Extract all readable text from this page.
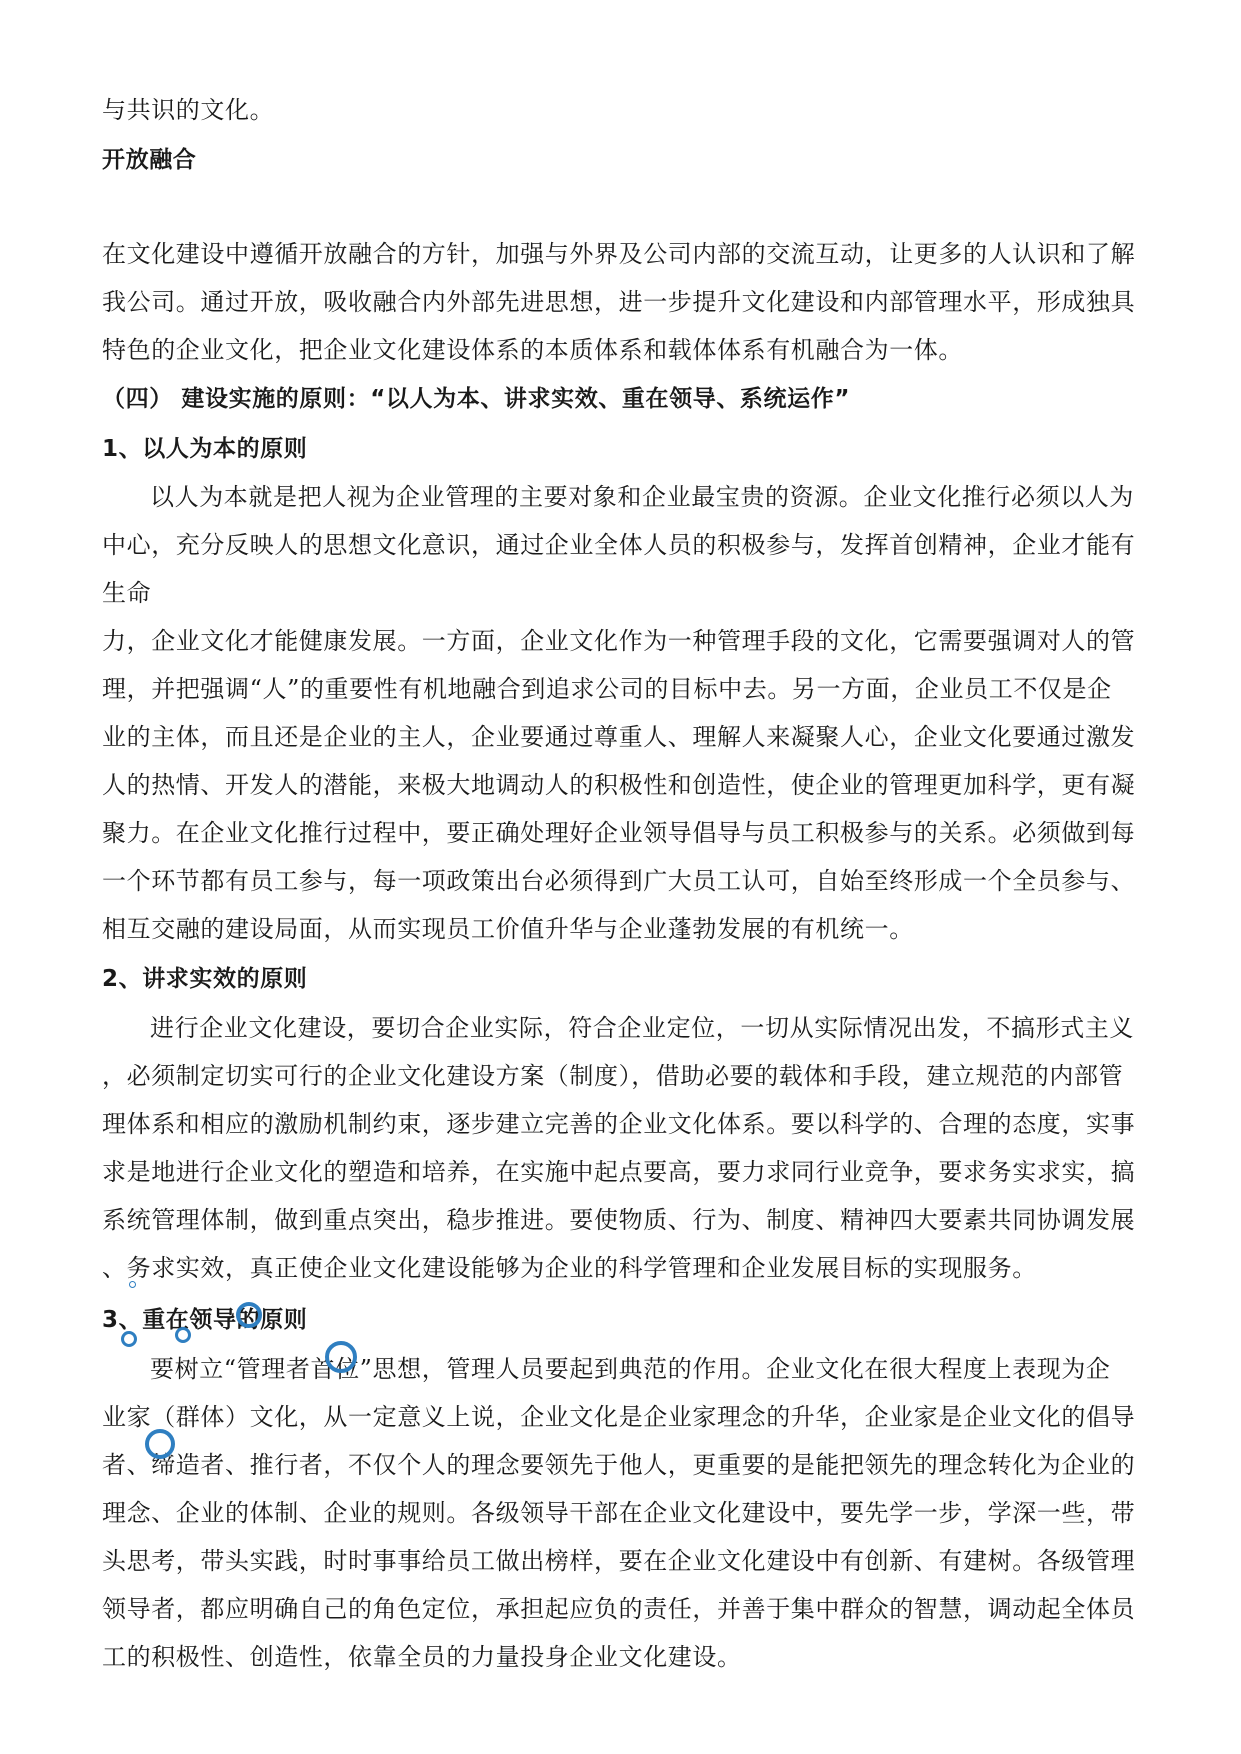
与共识的文化。
开放融合
在文化建设中遵循开放融合的方针，加强与外界及公司内部的交流互动，让更多的人认识和了解
我公司。通过开放，吸收融合内外部先进思想，进一步提升文化建设和内部管理水平，形成独具
特色的企业文化，把企业文化建设体系的本质体系和载体体系有机融合为一体。
（四） 建设实施的原则：“以人为本、讲求实效、重在领导、系统运作”
1、以人为本的原则
以人为本就是把人视为企业管理的主要对象和企业最宝贵的资源。企业文化推行必须以人为
中心，充分反映人的思想文化意识，通过企业全体人员的积极参与，发挥首创精神，企业才能有
生命
力，企业文化才能健康发展。一方面，企业文化作为一种管理手段的文化，它需要强调对人的管
理，并把强调“人”的重要性有机地融合到追求公司的目标中去。另一方面，企业员工不仅是企
业的主体，而且还是企业的主人，企业要通过尊重人、理解人来凝聚人心，企业文化要通过激发
人的热情、开发人的潜能，来极大地调动人的积极性和创造性，使企业的管理更加科学，更有凝
聚力。在企业文化推行过程中，要正确处理好企业领导倡导与员工积极参与的关系。必须做到每
一个环节都有员工参与，每一项政策出台必须得到广大员工认可，自始至终形成一个全员参与、
相互交融的建设局面，从而实现员工价值升华与企业蓬勃发展的有机统一。
2、讲求实效的原则
进行企业文化建设，要切合企业实际，符合企业定位，一切从实际情况出发，不搞形式主义
，必须制定切实可行的企业文化建设方案（制度），借助必要的载体和手段，建立规范的内部管
理体系和相应的激励机制约束，逐步建立完善的企业文化体系。要以科学的、合理的态度，实事
求是地进行企业文化的塑造和培养，在实施中起点要高，要力求同行业竞争，要求务实求实，搞
系统管理体制，做到重点突出，稳步推进。要使物质、行为、制度、精神四大要素共同协调发展
、务求实效，真正使企业文化建设能够为企业的科学管理和企业发展目标的实现服务。
3、重在领导的原则
要树立“管理者首位”思想，管理人员要起到典范的作用。企业文化在很大程度上表现为企
业家（群体）文化，从一定意义上说，企业文化是企业家理念的升华，企业家是企业文化的倡导
者、缔造者、推行者，不仅个人的理念要领先于他人，更重要的是能把领先的理念转化为企业的
理念、企业的体制、企业的规则。各级领导干部在企业文化建设中，要先学一步，学深一些，带
头思考，带头实践，时时事事给员工做出榜样，要在企业文化建设中有创新、有建树。各级管理
领导者，都应明确自己的角色定位，承担起应负的责任，并善于集中群众的智慧，调动起全体员
工的积极性、创造性，依靠全员的力量投身企业文化建设。
